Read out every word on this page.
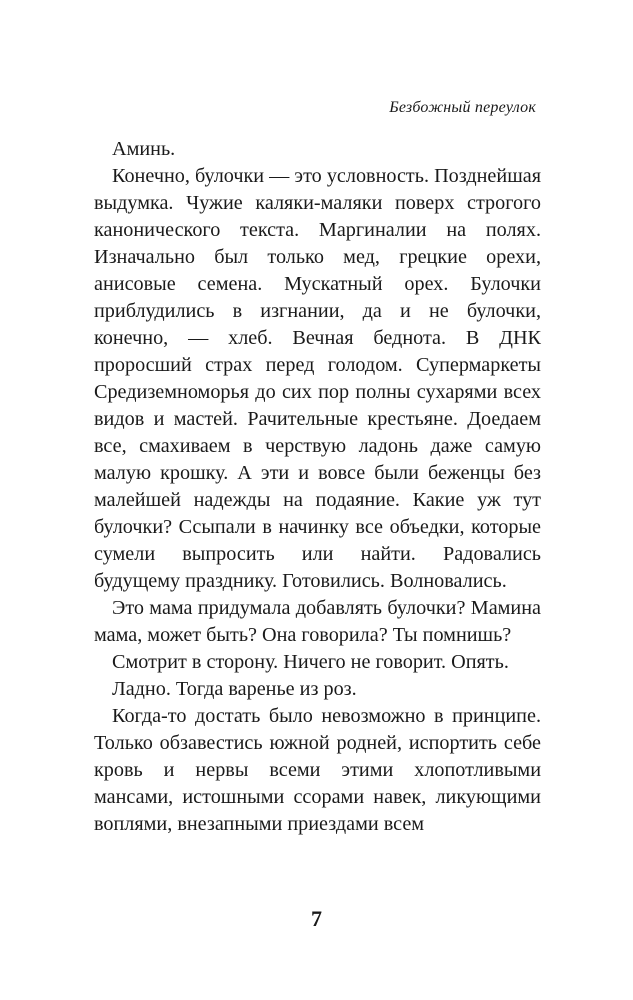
Безбожный переулок

Аминь.

Конечно, булочки — это условность. Позднейшая выдумка. Чужие каляки-маляки поверх строгого канонического текста. Маргиналии на полях. Изначально был только мед, грецкие орехи, анисовые семена. Мускатный орех. Булочки приблудились в изгнании, да и не булочки, конечно, — хлеб. Вечная беднота. В ДНК проросший страх перед голодом. Супермаркеты Средиземноморья до сих пор полны сухарями всех видов и мастей. Рачительные крестьяне. Доедаем все, смахиваем в черствую ладонь даже самую малую крошку. А эти и вовсе были беженцы без малейшей надежды на подаяние. Какие уж тут булочки? Ссыпали в начинку все объедки, которые сумели выпросить или найти. Радовались будущему празднику. Готовились. Волновались.

Это мама придумала добавлять булочки? Мамина мама, может быть? Она говорила? Ты помнишь?

Смотрит в сторону. Ничего не говорит. Опять.

Ладно. Тогда варенье из роз.

Когда-то достать было невозможно в принципе. Только обзавестись южной родней, испортить себе кровь и нервы всеми этими хлопотливыми мансами, истошными ссорами навек, ликующими воплями, внезапными приездами всем

7
